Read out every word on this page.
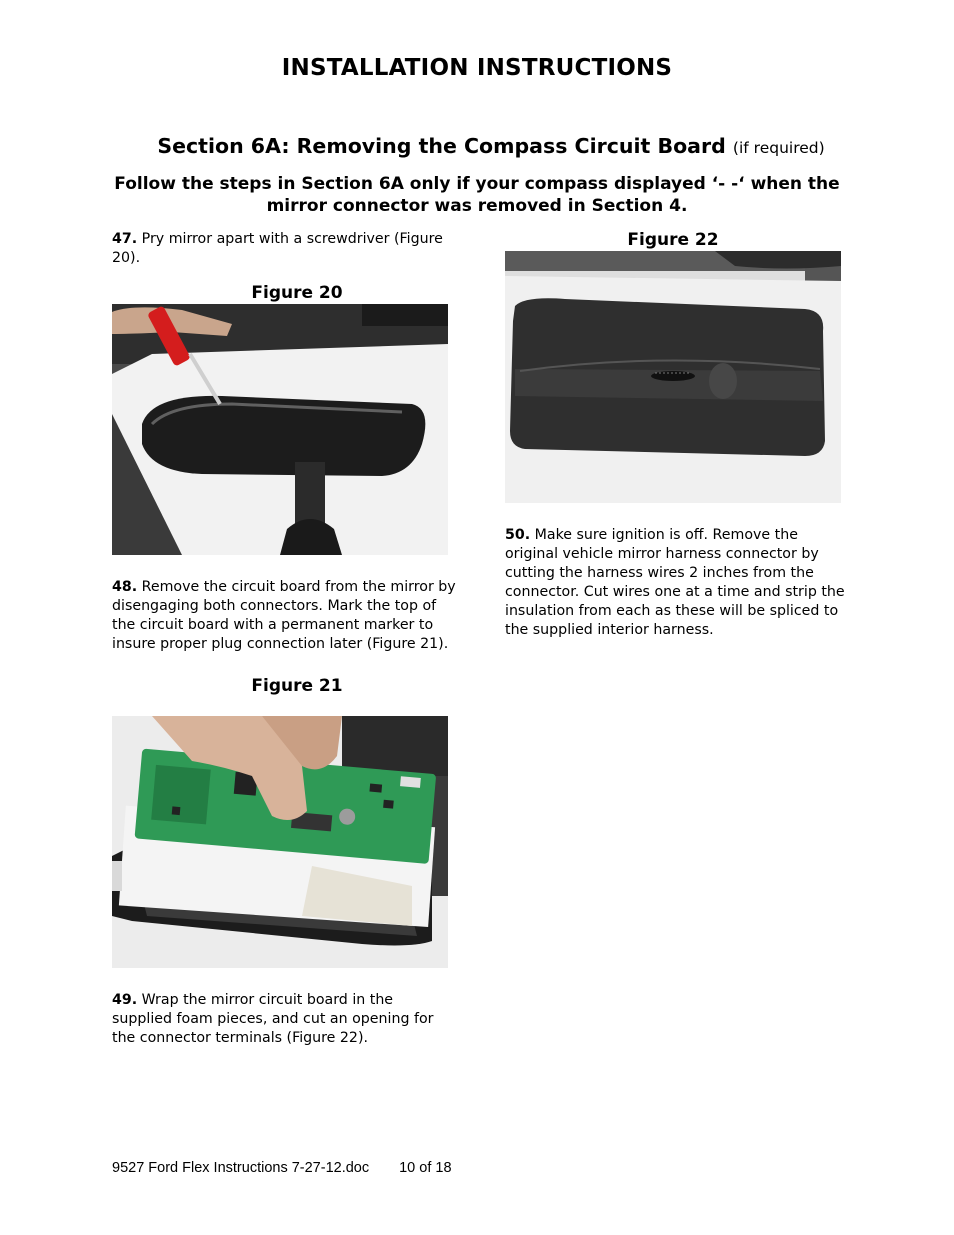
INSTALLATION INSTRUCTIONS
Section 6A: Removing the Compass Circuit Board (if required)
Follow the steps in Section 6A only if your compass displayed ‘- -‘ when the mirror connector was removed in Section 4.
47. Pry mirror apart with a screwdriver (Figure 20).
Figure 20
48. Remove the circuit board from the mirror by disengaging both connectors. Mark the top of the circuit board with a permanent marker to insure proper plug connection later (Figure 21).
Figure 21
49. Wrap the mirror circuit board in the supplied foam pieces, and cut an opening for the connector terminals (Figure 22).
Figure 22
50. Make sure ignition is off. Remove the original vehicle mirror harness connector by cutting the harness wires 2 inches from the connector. Cut wires one at a time and strip the insulation from each as these will be spliced to the supplied interior harness.
9527 Ford Flex Instructions 7-27-12.doc 10 of 18
